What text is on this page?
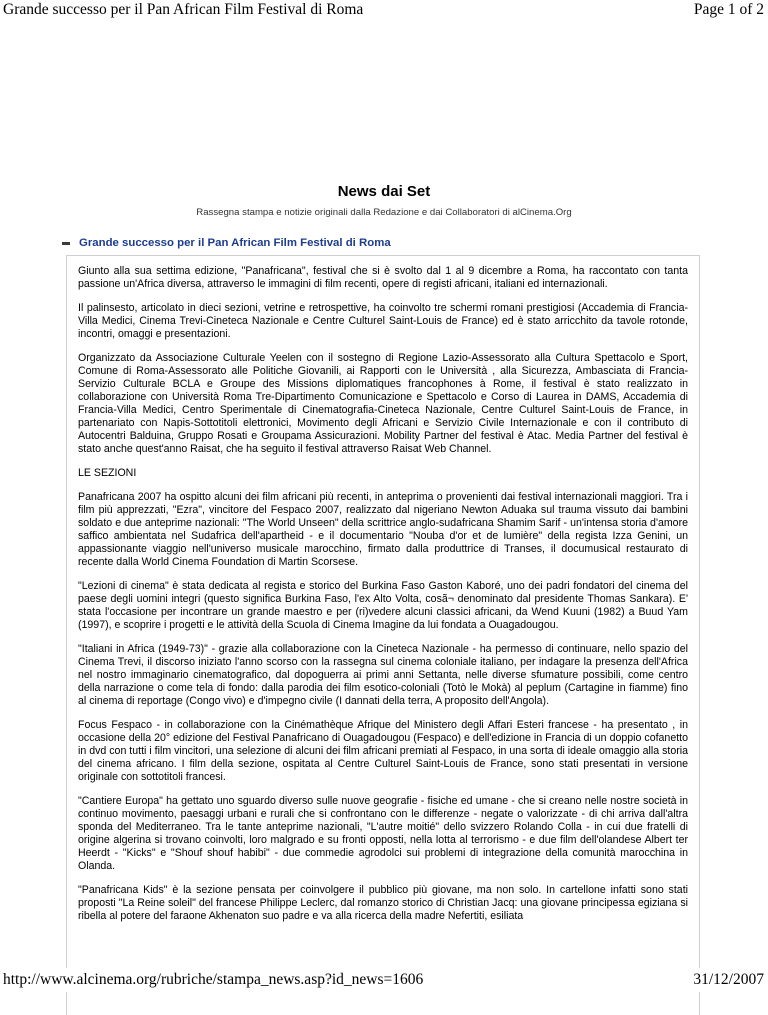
Grande successo per il Pan African Film Festival di Roma	Page 1 of 2
News dai Set
Rassegna stampa e notizie originali dalla Redazione e dai Collaboratori di alCinema.Org
Grande successo per il Pan African Film Festival di Roma

Giunto alla sua settima edizione, "Panafricana", festival che si è svolto dal 1 al 9 dicembre a Roma, ha raccontato con tanta passione un'Africa diversa, attraverso le immagini di film recenti, opere di registi africani, italiani ed internazionali.

Il palinsesto, articolato in dieci sezioni, vetrine e retrospettive, ha coinvolto tre schermi romani prestigiosi (Accademia di Francia-Villa Medici, Cinema Trevi-Cineteca Nazionale e Centre Culturel Saint-Louis de France) ed è stato arricchito da tavole rotonde, incontri, omaggi e presentazioni.

Organizzato da Associazione Culturale Yeelen con il sostegno di Regione Lazio-Assessorato alla Cultura Spettacolo e Sport, Comune di Roma-Assessorato alle Politiche Giovanili, ai Rapporti con le Università , alla Sicurezza, Ambasciata di Francia-Servizio Culturale BCLA e Groupe des Missions diplomatiques francophones à Rome, il festival è stato realizzato in collaborazione con Università Roma Tre-Dipartimento Comunicazione e Spettacolo e Corso di Laurea in DAMS, Accademia di Francia-Villa Medici, Centro Sperimentale di Cinematografia-Cineteca Nazionale, Centre Culturel Saint-Louis de France, in partenariato con Napis-Sottotitoli elettronici, Movimento degli Africani e Servizio Civile Internazionale e con il contributo di Autocentri Balduina, Gruppo Rosati e Groupama Assicurazioni. Mobility Partner del festival è Atac. Media Partner del festival è stato anche quest'anno Raisat, che ha seguito il festival attraverso Raisat Web Channel.

LE SEZIONI

Panafricana 2007 ha ospitto alcuni dei film africani più recenti, in anteprima o provenienti dai festival internazionali maggiori. Tra i film più apprezzati, "Ezra", vincitore del Fespaco 2007, realizzato dal nigeriano Newton Aduaka sul trauma vissuto dai bambini soldato e due anteprime nazionali: "The World Unseen" della scrittrice anglo-sudafricana Shamim Sarif - un'intensa storia d'amore saffico ambientata nel Sudafrica dell'apartheid - e il documentario "Nouba d'or et de lumière" della regista Izza Genini, un appassionante viaggio nell'universo musicale marocchino, firmato dalla produttrice di Transes, il documusical restaurato di recente dalla World Cinema Foundation di Martin Scorsese.

"Lezioni di cinema" è stata dedicata al regista e storico del Burkina Faso Gaston Kaboré, uno dei padri fondatori del cinema del paese degli uomini integri (questo significa Burkina Faso, l'ex Alto Volta, cosã¬ denominato dal presidente Thomas Sankara). E' stata l'occasione per incontrare un grande maestro e per (ri)vedere alcuni classici africani, da Wend Kuuni (1982) a Buud Yam (1997), e scoprire i progetti e le attività della Scuola di Cinema Imagine da lui fondata a Ouagadougou.

"Italiani in Africa (1949-73)" - grazie alla collaborazione con la Cineteca Nazionale - ha permesso di continuare, nello spazio del Cinema Trevi, il discorso iniziato l'anno scorso con la rassegna sul cinema coloniale italiano, per indagare la presenza dell'Africa nel nostro immaginario cinematografico, dal dopoguerra ai primi anni Settanta, nelle diverse sfumature possibili, come centro della narrazione o come tela di fondo: dalla parodia dei film esotico-coloniali (Totò le Mokà) al peplum (Cartagine in fiamme) fino al cinema di reportage (Congo vivo) e d'impegno civile (I dannati della terra, A proposito dell'Angola).

Focus Fespaco - in collaborazione con la Cinémathèque Afrique del Ministero degli Affari Esteri francese - ha presentato , in occasione della 20° edizione del Festival Panafricano di Ouagadougou (Fespaco) e dell'edizione in Francia di un doppio cofanetto in dvd con tutti i film vincitori, una selezione di alcuni dei film africani premiati al Fespaco, in una sorta di ideale omaggio alla storia del cinema africano. I film della sezione, ospitata al Centre Culturel Saint-Louis de France, sono stati presentati in versione originale con sottotitoli francesi.

"Cantiere Europa" ha gettato uno sguardo diverso sulle nuove geografie - fisiche ed umane - che si creano nelle nostre società in continuo movimento, paesaggi urbani e rurali che si confrontano con le differenze - negate o valorizzate - di chi arriva dall'altra sponda del Mediterraneo. Tra le tante anteprime nazionali, "L'autre moitié" dello svizzero Rolando Colla - in cui due fratelli di origine algerina si trovano coinvolti, loro malgrado e su fronti opposti, nella lotta al terrorismo - e due film dell'olandese Albert ter Heerdt - "Kicks" e "Shouf shouf habibi" - due commedie agrodolci sui problemi di integrazione della comunità marocchina in Olanda.

"Panafricana Kids" è la sezione pensata per coinvolgere il pubblico più giovane, ma non solo. In cartellone infatti sono stati proposti "La Reine soleil" del francese Philippe Leclerc, dal romanzo storico di Christian Jacq: una giovane principessa egiziana si ribella al potere del faraone Akhenaton suo padre e va alla ricerca della madre Nefertiti, esiliata

http://www.alcinema.org/rubriche/stampa_news.asp?id_news=1606	31/12/2007
